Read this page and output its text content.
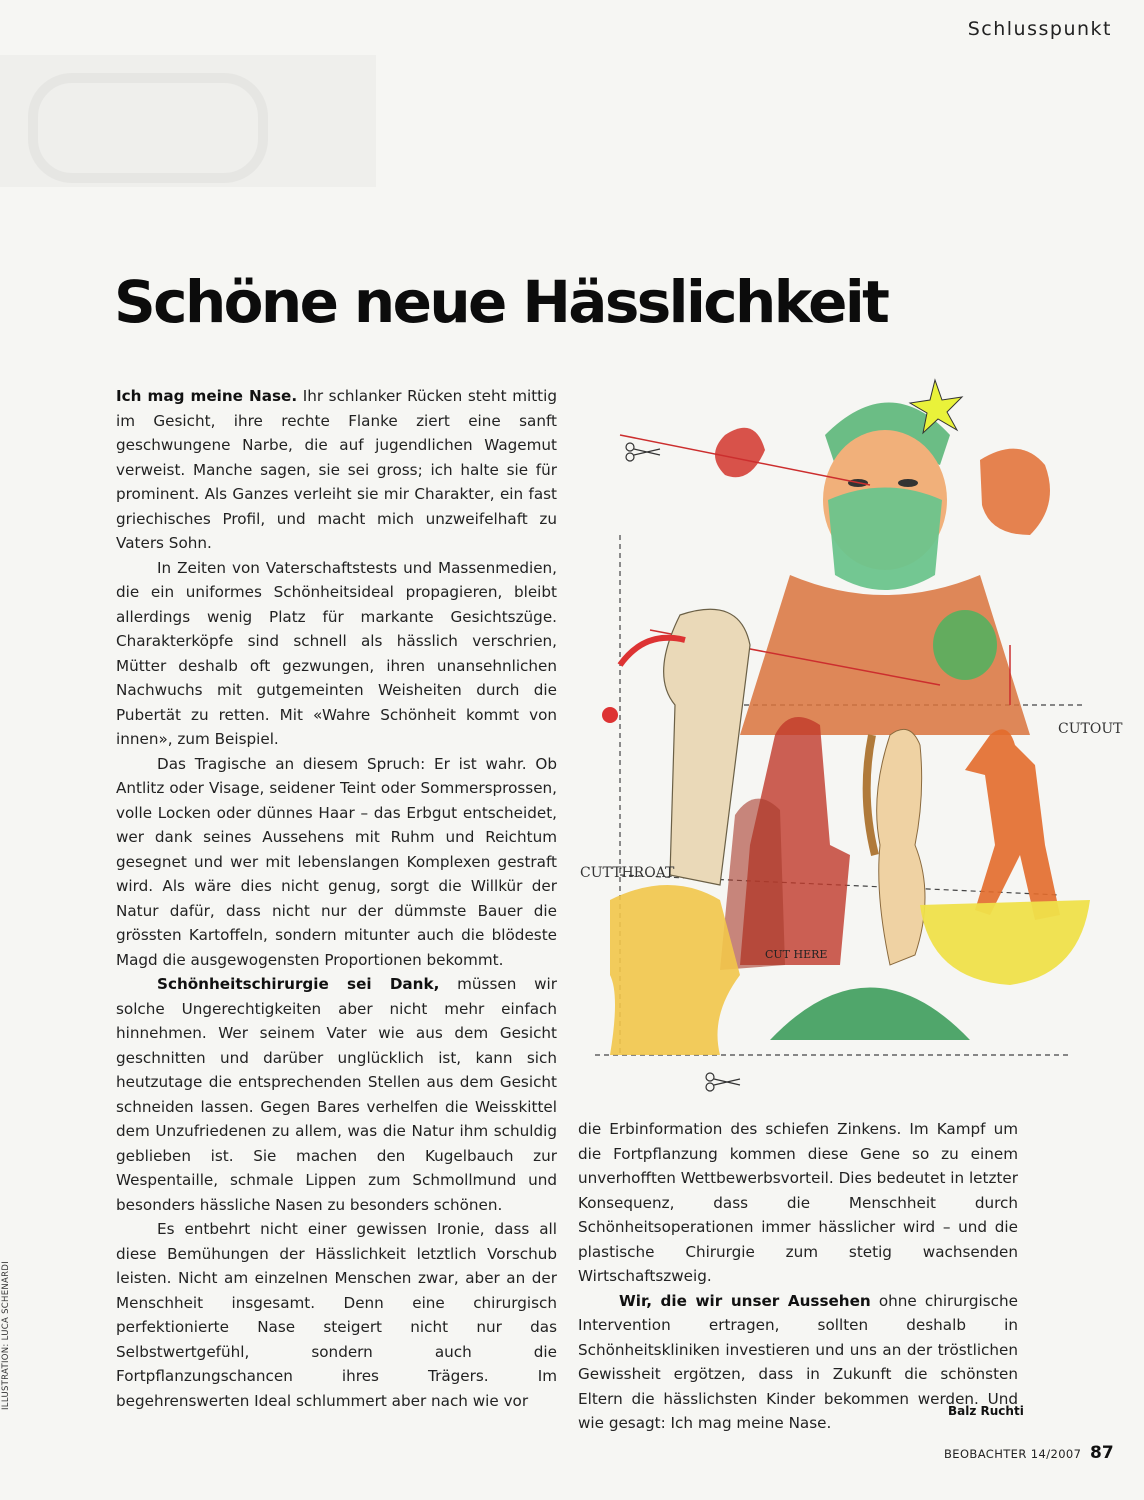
Schlusspunkt
Schöne neue Hässlichkeit

Ich mag meine Nase. Ihr schlanker Rücken steht mittig im Gesicht, ihre rechte Flanke ziert eine sanft geschwungene Narbe, die auf jugendlichen Wagemut verweist. Manche sagen, sie sei gross; ich halte sie für prominent. Als Ganzes verleiht sie mir Charakter, ein fast griechisches Profil, und macht mich unzweifelhaft zu Vaters Sohn.

In Zeiten von Vaterschaftstests und Massenmedien, die ein uniformes Schönheitsideal propagieren, bleibt allerdings wenig Platz für markante Gesichtszüge. Charakterköpfe sind schnell als hässlich verschrien, Mütter deshalb oft gezwungen, ihren unansehnlichen Nachwuchs mit gutgemeinten Weisheiten durch die Pubertät zu retten. Mit «Wahre Schönheit kommt von innen», zum Beispiel.

Das Tragische an diesem Spruch: Er ist wahr. Ob Antlitz oder Visage, seidener Teint oder Sommersprossen, volle Locken oder dünnes Haar – das Erbgut entscheidet, wer dank seines Aussehens mit Ruhm und Reichtum gesegnet und wer mit lebenslangen Komplexen gestraft wird. Als wäre dies nicht genug, sorgt die Willkür der Natur dafür, dass nicht nur der dümmste Bauer die grössten Kartoffeln, sondern mitunter auch die blödeste Magd die ausgewogensten Proportionen bekommt.

Schönheitschirurgie sei Dank, müssen wir solche Ungerechtigkeiten aber nicht mehr einfach hinnehmen. Wer seinem Vater wie aus dem Gesicht geschnitten und darüber unglücklich ist, kann sich heutzutage die entsprechenden Stellen aus dem Gesicht schneiden lassen. Gegen Bares verhelfen die Weisskittel dem Unzufriedenen zu allem, was die Natur ihm schuldig geblieben ist. Sie machen den Kugelbauch zur Wespentaille, schmale Lippen zum Schmollmund und besonders hässliche Nasen zu besonders schönen.

Es entbehrt nicht einer gewissen Ironie, dass all diese Bemühungen der Hässlichkeit letztlich Vorschub leisten. Nicht am einzelnen Menschen zwar, aber an der Menschheit insgesamt. Denn eine chirurgisch perfektionierte Nase steigert nicht nur das Selbstwertgefühl, sondern auch die Fortpflanzungschancen ihres Trägers. Im begehrenswerten Ideal schlummert aber nach wie vor

CUTOUT
CUTTHROAT
CUT HERE

die Erbinformation des schiefen Zinkens. Im Kampf um die Fortpflanzung kommen diese Gene so zu einem unverhofften Wettbewerbsvorteil. Dies bedeutet in letzter Konsequenz, dass die Menschheit durch Schönheitsoperationen immer hässlicher wird – und die plastische Chirurgie zum stetig wachsenden Wirtschaftszweig.

Wir, die wir unser Aussehen ohne chirurgische Intervention ertragen, sollten deshalb in Schönheitskliniken investieren und uns an der tröstlichen Gewissheit ergötzen, dass in Zukunft die schönsten Eltern die hässlichsten Kinder bekommen werden. Und wie gesagt: Ich mag meine Nase.

Balz Ruchti
BEOBACHTER 14/2007 87
ILLUSTRATION: LUCA SCHENARDI
